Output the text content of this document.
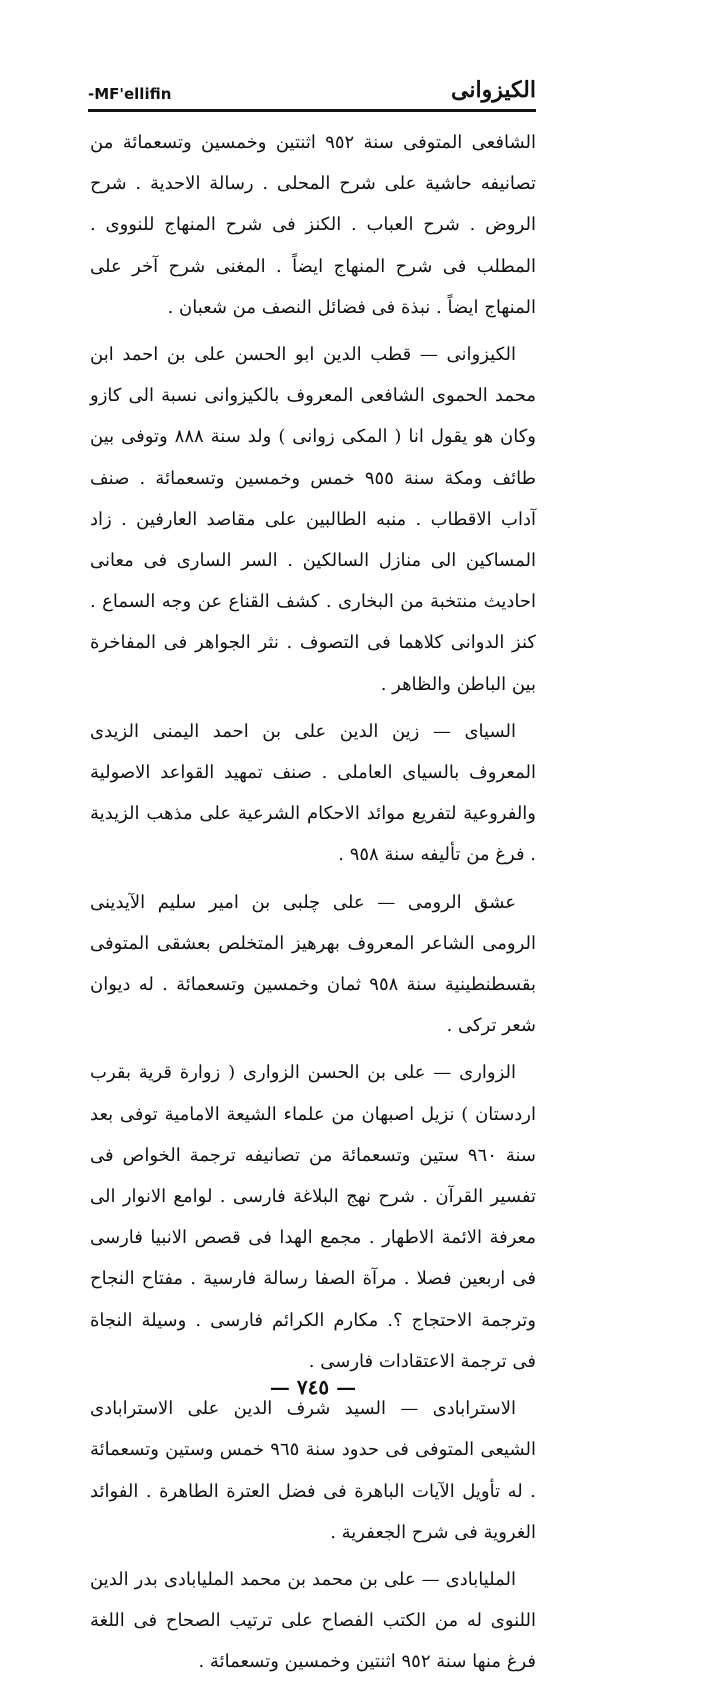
-MF'ellifin	الكيزوانى

الشافعى المتوفى سنة ٩٥٢ اثنتين وخمسين وتسعمائة من تصانيفه حاشية على شرح المحلى . رسالة الاحدية . شرح الروض . شرح العباب . الكنز فى شرح المنهاج للنووى . المطلب فى شرح المنهاج ايضاً . المغنى شرح آخر على المنهاج ايضاً . نبذة فى فضائل النصف من شعبان .

الكيزوانى — قطب الدين ابو الحسن على بن احمد ابن محمد الحموى الشافعى المعروف بالكيزوانى نسبة الى كازو وكان هو يقول انا ( المكى زوانى ) ولد سنة ٨٨٨ وتوفى بين طائف ومكة سنة ٩٥٥ خمس وخمسين وتسعمائة . صنف آداب الاقطاب . منبه الطالبين على مقاصد العارفين . زاد المساكين الى منازل السالكين . السر السارى فى معانى احاديث منتخبة من البخارى . كشف القناع عن وجه السماع . كنز الدوانى كلاهما فى التصوف . نثر الجواهر فى المفاخرة بين الباطن والظاهر .

السياى — زين الدين على بن احمد اليمنى الزيدى المعروف بالسياى العاملى . صنف تمهيد القواعد الاصولية والفروعية لتفريع موائد الاحكام الشرعية على مذهب الزيدية . فرغ من تأليفه سنة ٩٥٨ .

عشق الرومى — على چلبى بن امير سليم الآيدينى الرومى الشاعر المعروف بهرهيز المتخلص بعشقى المتوفى بقسطنطينية سنة ٩٥٨ ثمان وخمسين وتسعمائة . له ديوان شعر تركى .

الزوارى — على بن الحسن الزوارى ( زوارة قرية بقرب اردستان ) نزيل اصبهان من علماء الشيعة الامامية توفى بعد سنة ٩٦٠ ستين وتسعمائة من تصانيفه ترجمة الخواص فى تفسير القرآن . شرح نهج البلاغة فارسى . لوامع الانوار الى معرفة الائمة الاطهار . مجمع الهدا فى قصص الانبيا فارسى فى اربعين فصلا . مرآة الصفا رسالة فارسية . مفتاح النجاح وترجمة الاحتجاج ؟. مكارم الكرائم فارسى . وسيلة النجاة فى ترجمة الاعتقادات فارسى .

الاسترابادى — السيد شرف الدين على الاسترابادى الشيعى المتوفى فى حدود سنة ٩٦٥ خمس وستين وتسعمائة . له تأويل الآيات الباهرة فى فضل العترة الطاهرة . الفوائد الغروية فى شرح الجعفرية .

المليابادى — على بن محمد بن محمد المليابادى بدر الدين اللنوى له من الكتب الفصاح على ترتيب الصحاح فى اللغة فرغ منها سنة ٩٥٢ اثنتين وخمسين وتسعمائة .

— ٧٤٥ —
